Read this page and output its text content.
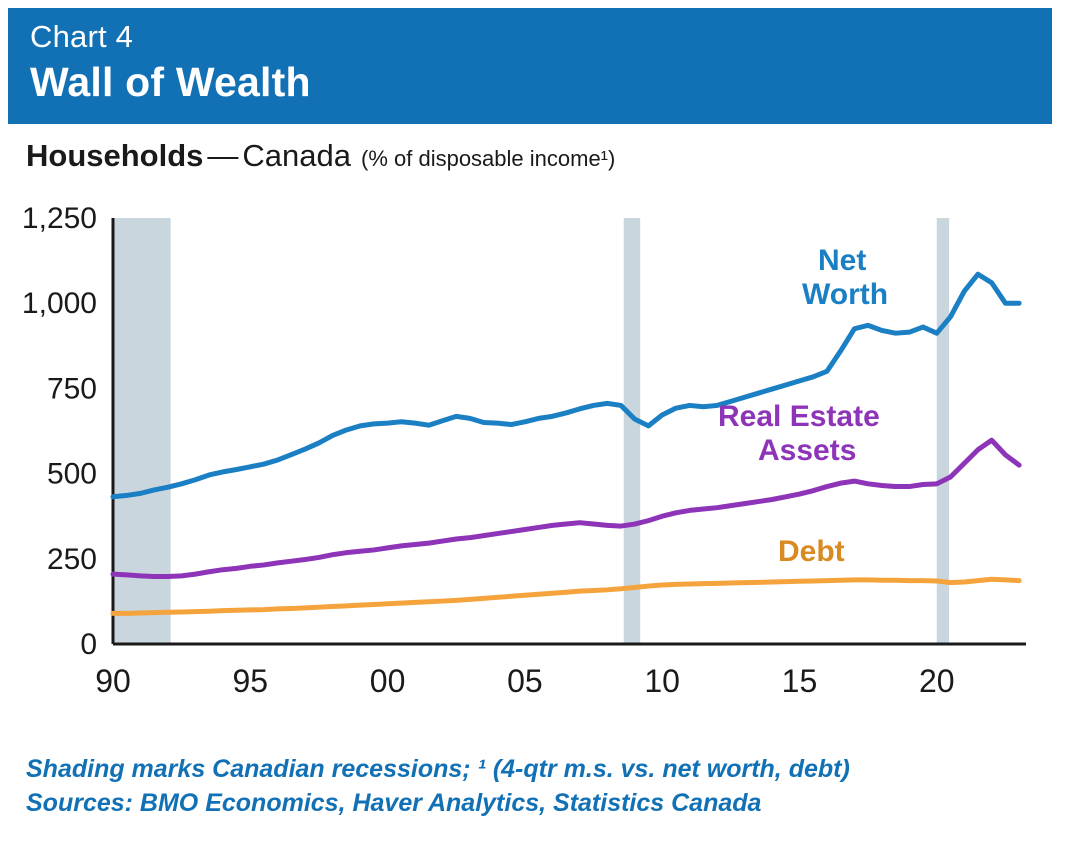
Chart 4
Wall of Wealth
Households — Canada (% of disposable income¹)
0
250
500
750
1,000
1,250
90	95	00	05	10	15	20
Net
Worth
Real Estate
Assets
Debt
Shading marks Canadian recessions; ¹ (4-qtr m.s. vs. net worth, debt)
Sources: BMO Economics, Haver Analytics, Statistics Canada
